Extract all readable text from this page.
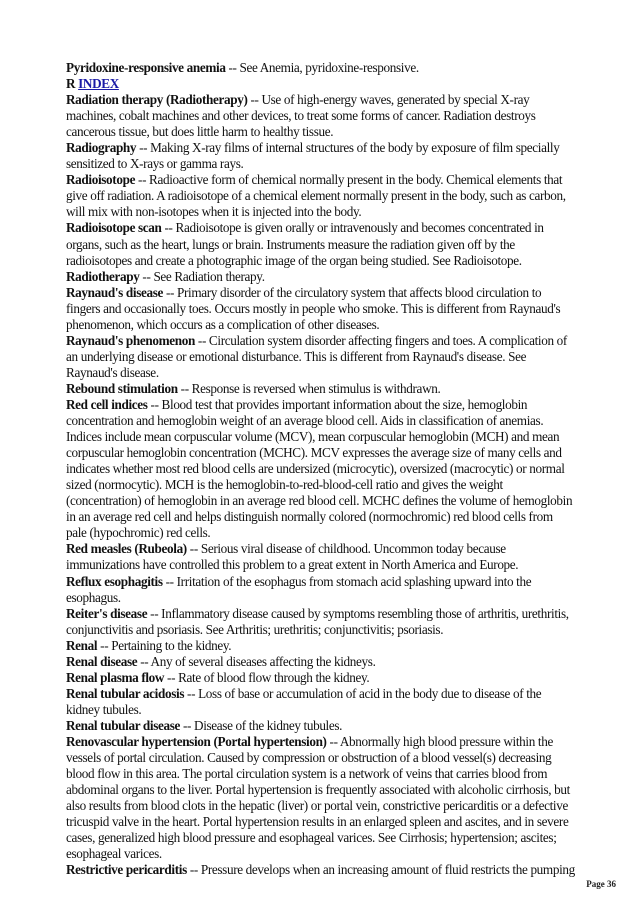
Pyridoxine-responsive anemia -- See Anemia, pyridoxine-responsive.

R INDEX

Radiation therapy (Radiotherapy) -- Use of high-energy waves, generated by special X-ray machines, cobalt machines and other devices, to treat some forms of cancer. Radiation destroys cancerous tissue, but does little harm to healthy tissue.

Radiography -- Making X-ray films of internal structures of the body by exposure of film specially sensitized to X-rays or gamma rays.

Radioisotope -- Radioactive form of chemical normally present in the body. Chemical elements that give off radiation. A radioisotope of a chemical element normally present in the body, such as carbon, will mix with non-isotopes when it is injected into the body.

Radioisotope scan -- Radioisotope is given orally or intravenously and becomes concentrated in organs, such as the heart, lungs or brain. Instruments measure the radiation given off by the radioisotopes and create a photographic image of the organ being studied. See Radioisotope.

Radiotherapy -- See Radiation therapy.

Raynaud's disease -- Primary disorder of the circulatory system that affects blood circulation to fingers and occasionally toes. Occurs mostly in people who smoke. This is different from Raynaud's phenomenon, which occurs as a complication of other diseases.

Raynaud's phenomenon -- Circulation system disorder affecting fingers and toes. A complication of an underlying disease or emotional disturbance. This is different from Raynaud's disease. See Raynaud's disease.

Rebound stimulation -- Response is reversed when stimulus is withdrawn.

Red cell indices -- Blood test that provides important information about the size, hemoglobin concentration and hemoglobin weight of an average blood cell. Aids in classification of anemias. Indices include mean corpuscular volume (MCV), mean corpuscular hemoglobin (MCH) and mean corpuscular hemoglobin concentration (MCHC). MCV expresses the average size of many cells and indicates whether most red blood cells are undersized (microcytic), oversized (macrocytic) or normal sized (normocytic). MCH is the hemoglobin-to-red-blood-cell ratio and gives the weight (concentration) of hemoglobin in an average red blood cell. MCHC defines the volume of hemoglobin in an average red cell and helps distinguish normally colored (normochromic) red blood cells from pale (hypochromic) red cells.

Red measles (Rubeola) -- Serious viral disease of childhood. Uncommon today because immunizations have controlled this problem to a great extent in North America and Europe.

Reflux esophagitis -- Irritation of the esophagus from stomach acid splashing upward into the esophagus.

Reiter's disease -- Inflammatory disease caused by symptoms resembling those of arthritis, urethritis, conjunctivitis and psoriasis. See Arthritis; urethritis; conjunctivitis; psoriasis.

Renal -- Pertaining to the kidney.

Renal disease -- Any of several diseases affecting the kidneys.

Renal plasma flow -- Rate of blood flow through the kidney.

Renal tubular acidosis -- Loss of base or accumulation of acid in the body due to disease of the kidney tubules.

Renal tubular disease -- Disease of the kidney tubules.

Renovascular hypertension (Portal hypertension) -- Abnormally high blood pressure within the vessels of portal circulation. Caused by compression or obstruction of a blood vessel(s) decreasing blood flow in this area. The portal circulation system is a network of veins that carries blood from abdominal organs to the liver. Portal hypertension is frequently associated with alcoholic cirrhosis, but also results from blood clots in the hepatic (liver) or portal vein, constrictive pericarditis or a defective tricuspid valve in the heart. Portal hypertension results in an enlarged spleen and ascites, and in severe cases, generalized high blood pressure and esophageal varices. See Cirrhosis; hypertension; ascites; esophageal varices.

Restrictive pericarditis -- Pressure develops when an increasing amount of fluid restricts the pumping

Page 36
